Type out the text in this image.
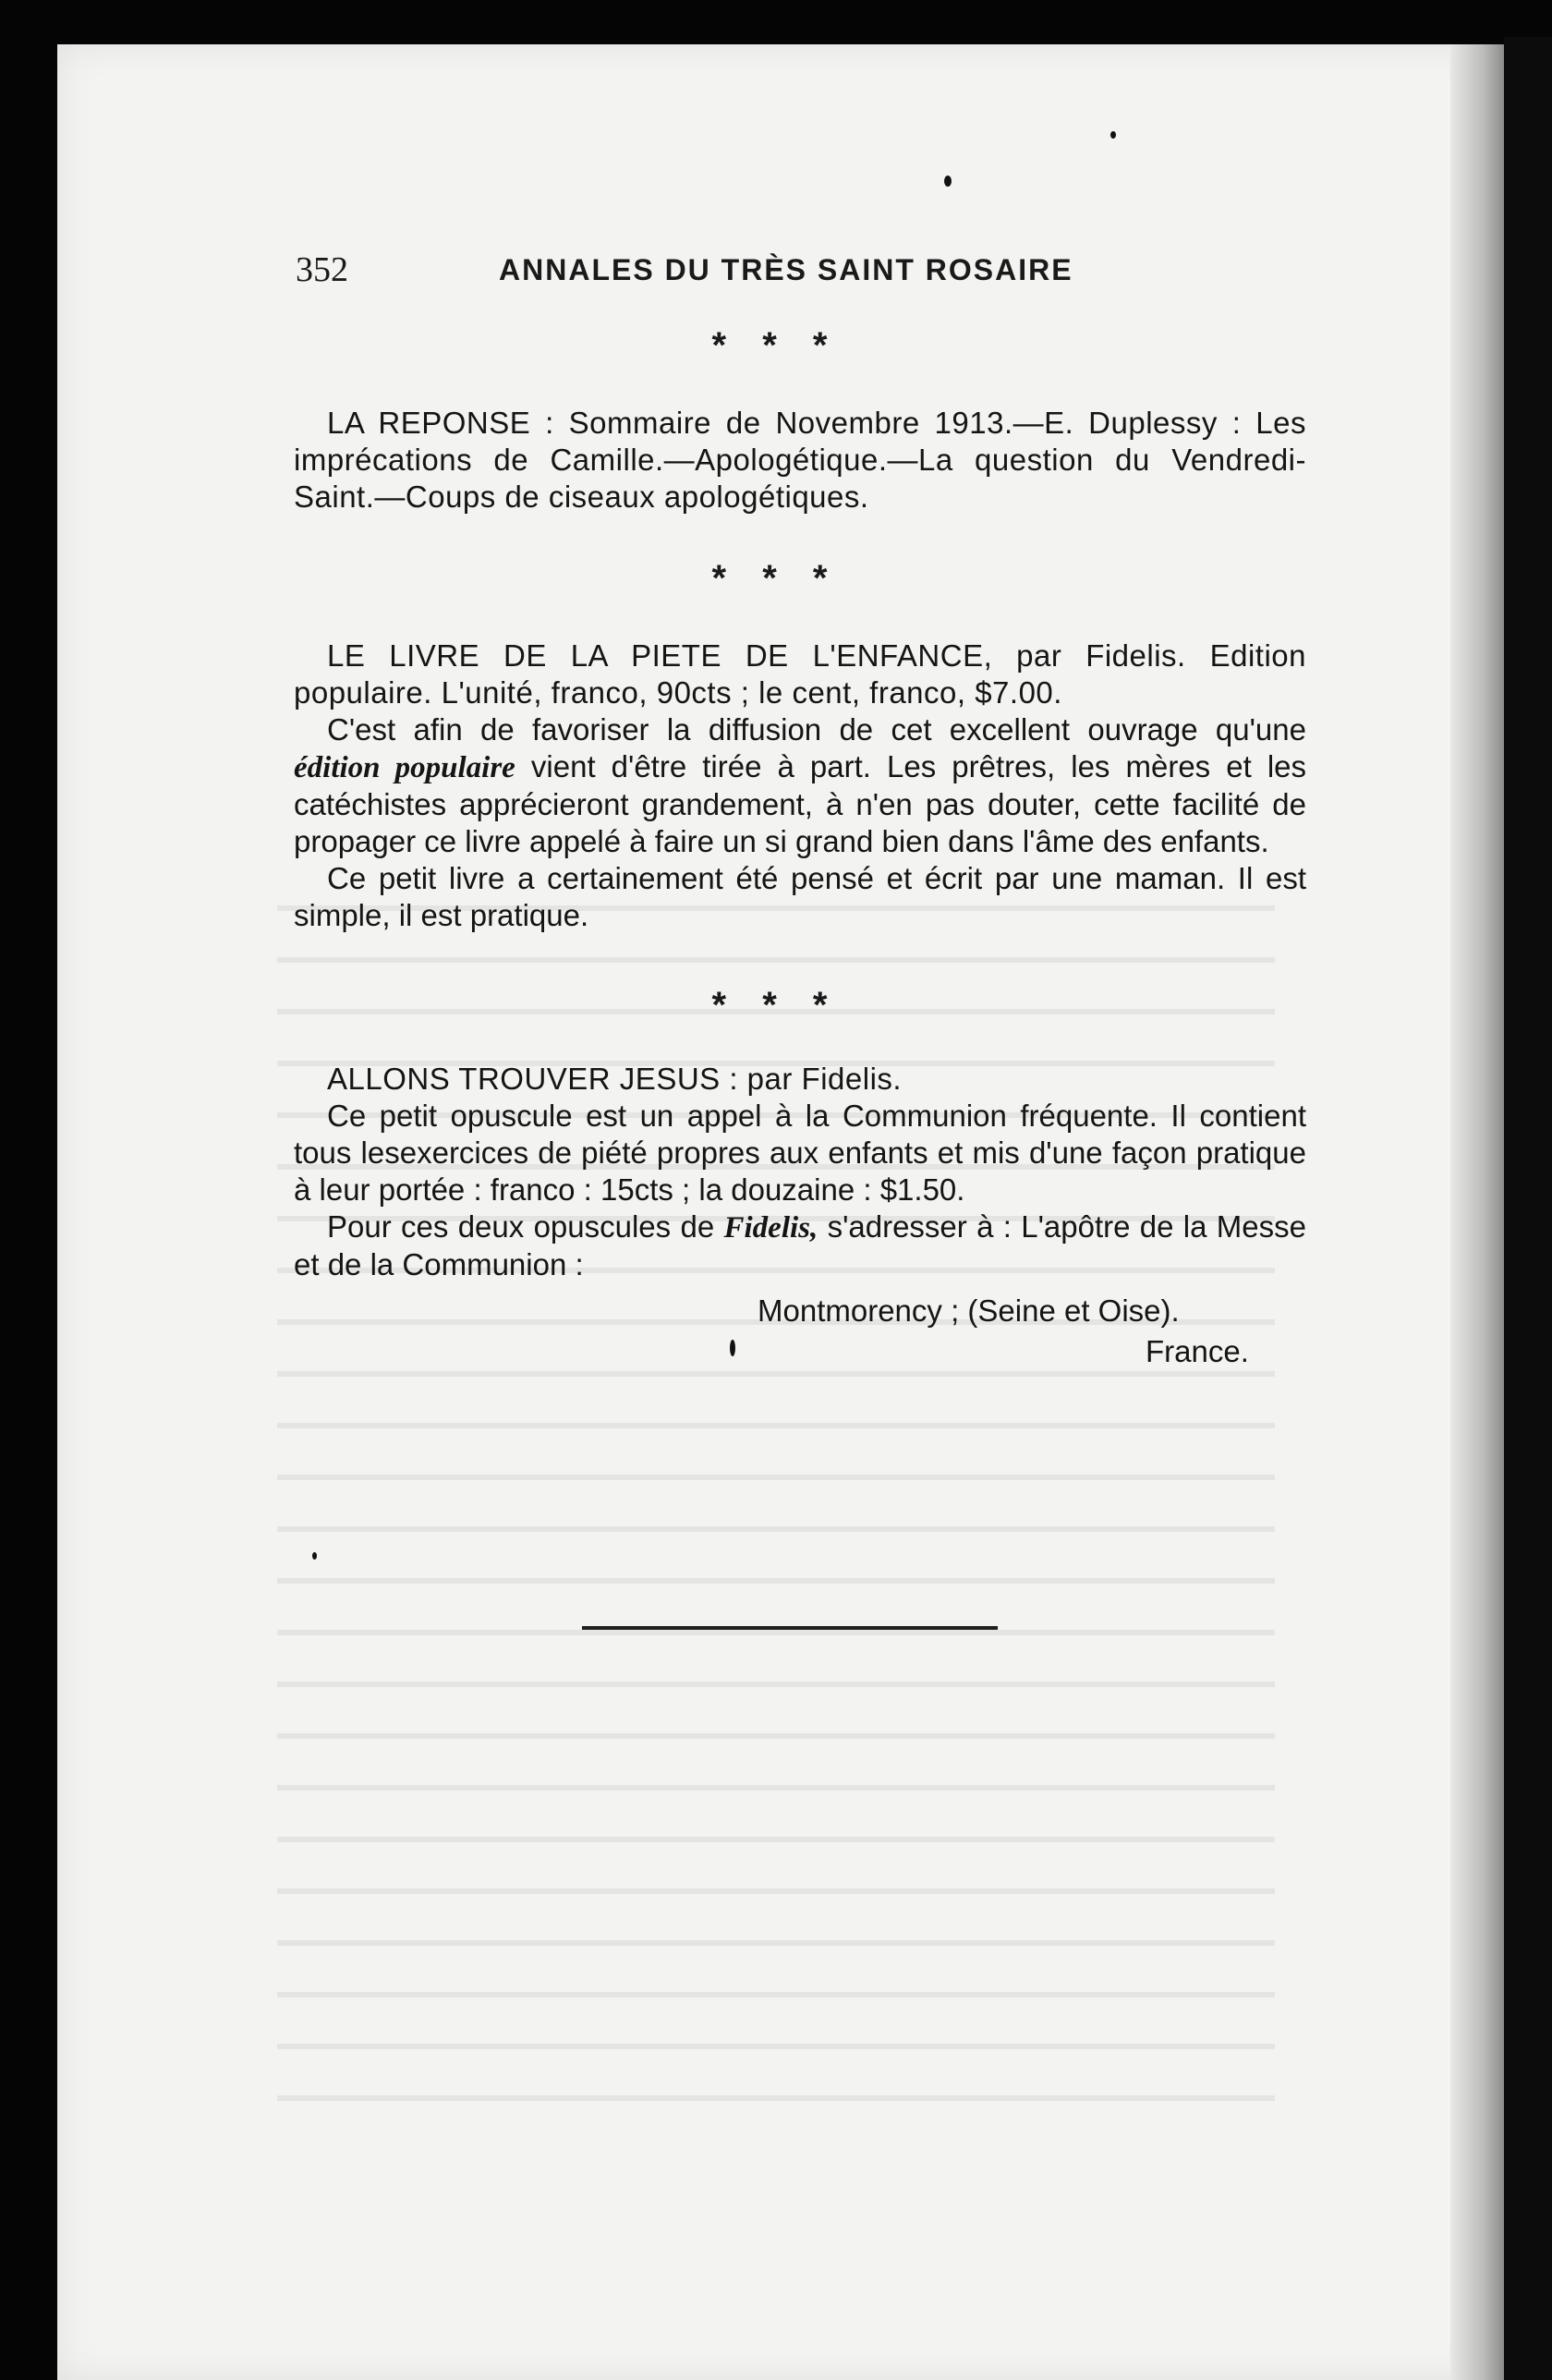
352	ANNALES DU TRÈS SAINT ROSAIRE
* * *

LA REPONSE : Sommaire de Novembre 1913.—E. Duplessy : Les imprécations de Camille.—Apologétique.—La question du Vendredi-Saint.—Coups de ciseaux apologétiques.

* * *

LE LIVRE DE LA PIETE DE L'ENFANCE, par Fidelis. Edition populaire. L'unité, franco, 90cts ; le cent, franco, $7.00.

C'est afin de favoriser la diffusion de cet excellent ouvrage qu'une édition populaire vient d'être tirée à part. Les prêtres, les mères et les catéchistes apprécieront grandement, à n'en pas douter, cette facilité de propager ce livre appelé à faire un si grand bien dans l'âme des enfants.

Ce petit livre a certainement été pensé et écrit par une maman. Il est simple, il est pratique.

* * *

ALLONS TROUVER JESUS : par Fidelis.

Ce petit opuscule est un appel à la Communion fréquente. Il contient tous lesexercices de piété propres aux enfants et mis d'une façon pratique à leur portée : franco : 15cts ; la douzaine : $1.50.

Pour ces deux opuscules de Fidelis, s'adresser à : L'apôtre de la Messe et de la Communion :

Montmorency ; (Seine et Oise).
France.
